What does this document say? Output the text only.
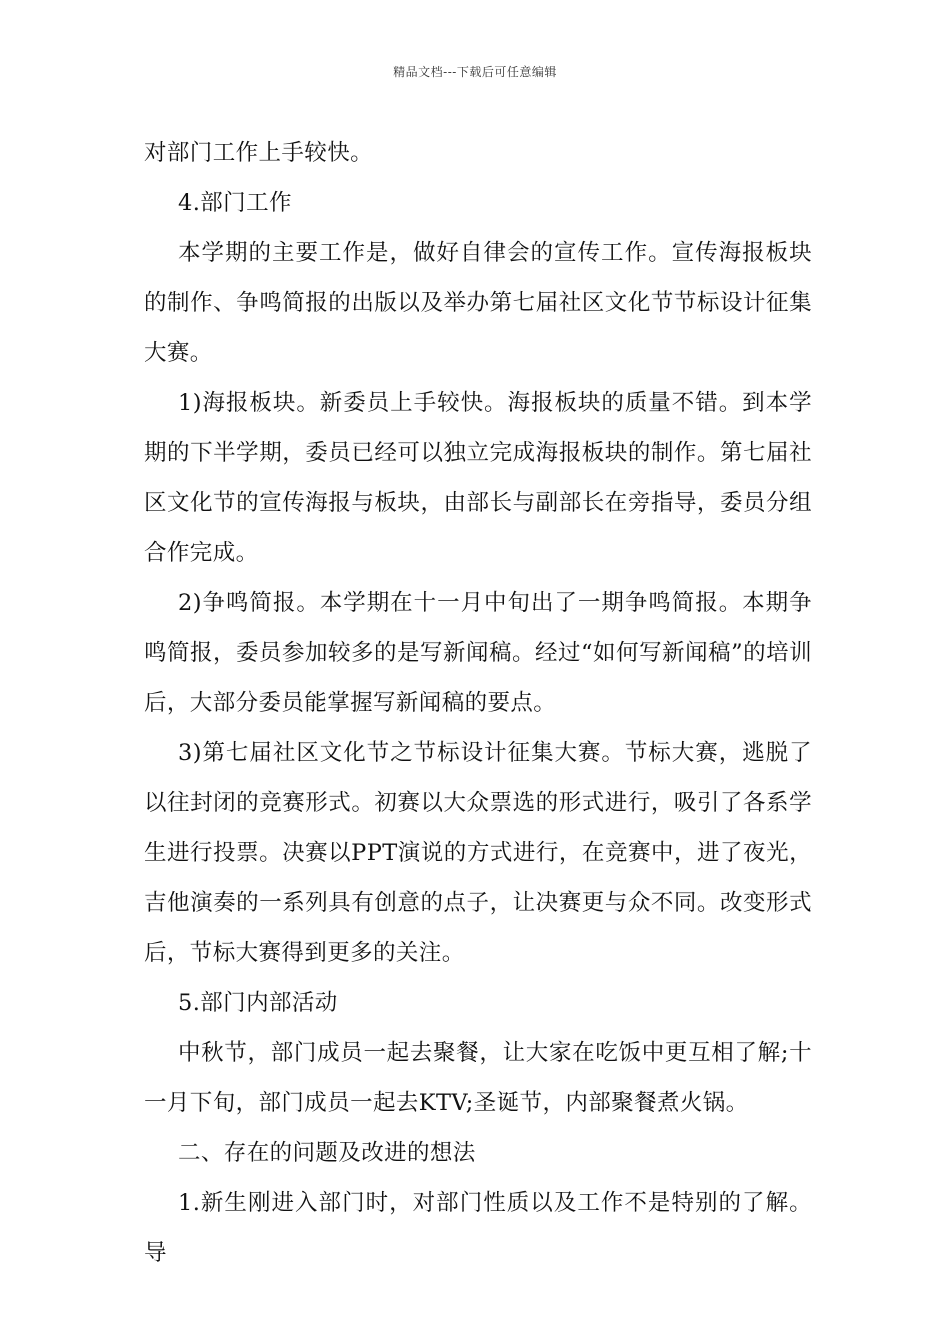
精品文档---下载后可任意编辑

对部门工作上手较快。

4.部门工作

本学期的主要工作是，做好自律会的宣传工作。宣传海报板块的制作、争鸣简报的出版以及举办第七届社区文化节节标设计征集大赛。

1)海报板块。新委员上手较快。海报板块的质量不错。到本学期的下半学期，委员已经可以独立完成海报板块的制作。第七届社区文化节的宣传海报与板块，由部长与副部长在旁指导，委员分组合作完成。

2)争鸣简报。本学期在十一月中旬出了一期争鸣简报。本期争鸣简报，委员参加较多的是写新闻稿。经过“如何写新闻稿”的培训后，大部分委员能掌握写新闻稿的要点。

3)第七届社区文化节之节标设计征集大赛。节标大赛，逃脱了以往封闭的竞赛形式。初赛以大众票选的形式进行，吸引了各系学生进行投票。决赛以PPT演说的方式进行，在竞赛中，进了夜光，吉他演奏的一系列具有创意的点子，让决赛更与众不同。改变形式后，节标大赛得到更多的关注。

5.部门内部活动

中秋节，部门成员一起去聚餐，让大家在吃饭中更互相了解;十一月下旬，部门成员一起去KTV;圣诞节，内部聚餐煮火锅。

二、存在的问题及改进的想法

1.新生刚进入部门时，对部门性质以及工作不是特别的了解。导
